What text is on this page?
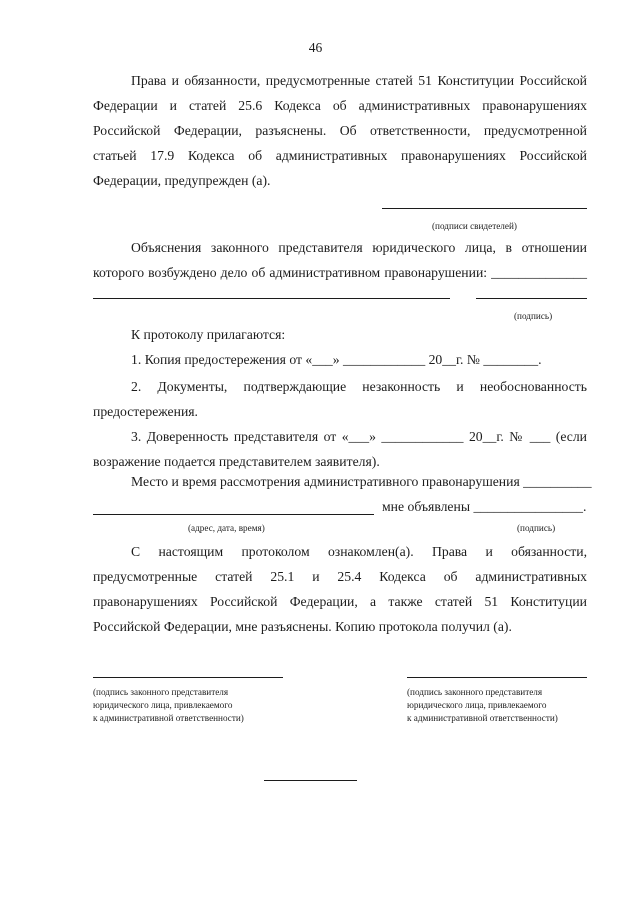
46
Права и обязанности, предусмотренные статей 51 Конституции Российской
Федерации и статей 25.6 Кодекса об административных правонарушениях
Российской Федерации, разъяснены. Об ответственности, предусмотренной
статьей 17.9 Кодекса об административных правонарушениях Российской
Федерации, предупрежден (а).
(подписи свидетелей)
Объяснения законного представителя юридического лица, в отношении
которого возбуждено дело об административном правонарушении: ______________
(подпись)
К протоколу прилагаются:
1. Копия предостережения от «___» ____________ 20__г. № ________.
2. Документы, подтверждающие незаконность и необоснованность
предостережения.
3. Доверенность представителя от «___» ____________ 20__г. № ___ (если
возражение подается представителем заявителя).
Место и время рассмотрения административного правонарушения __________
мне объявлены ________________.
(адрес, дата, время)	(подпись)
С настоящим протоколом ознакомлен(а). Права и обязанности,
предусмотренные статей 25.1 и 25.4 Кодекса об административных
правонарушениях Российской Федерации, а также статей 51 Конституции
Российской Федерации, мне разъяснены. Копию протокола получил (а).
(подпись законного представителя
юридического лица, привлекаемого
к административной ответственности)
(подпись законного представителя
юридического лица, привлекаемого
к административной ответственности)
